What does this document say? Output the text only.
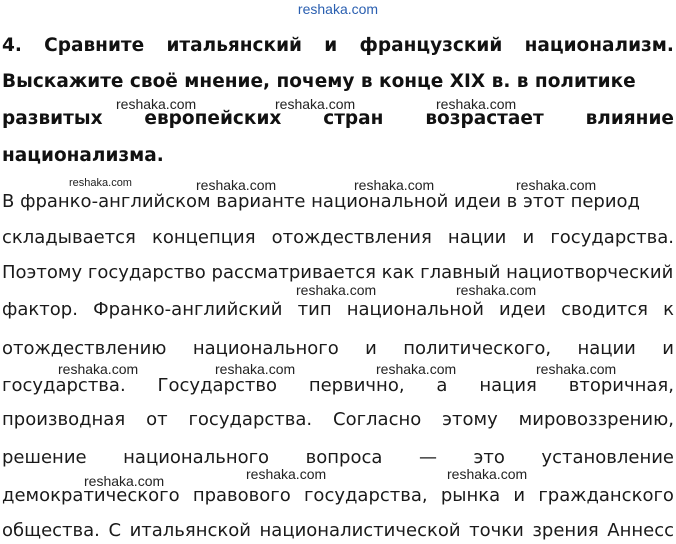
reshaka.com
4. Сравните итальянский и французский национализм.
Выскажите своё мнение, почему в конце XIX в. в политике
развитых европейских стран возрастает влияние
национализма.
В франко-английском варианте национальной идеи в этот период
складывается концепция отождествления нации и государства.
Поэтому государство рассматривается как главный нациотворческий
фактор. Франко-английский тип национальной идеи сводится к
отождествлению национального и политического, нации и
государства. Государство первично, а нация вторичная,
производная от государства. Согласно этому мировоззрению,
решение национального вопроса — это установление
демократического правового государства, рынка и гражданского
общества. С итальянской националистической точки зрения Аннесс
reshaka.com	reshaka.com	reshaka.com
reshaka.com	reshaka.com	reshaka.com	reshaka.com
reshaka.com	reshaka.com
reshaka.com	reshaka.com	reshaka.com	reshaka.com
reshaka.com	reshaka.com
reshaka.com
